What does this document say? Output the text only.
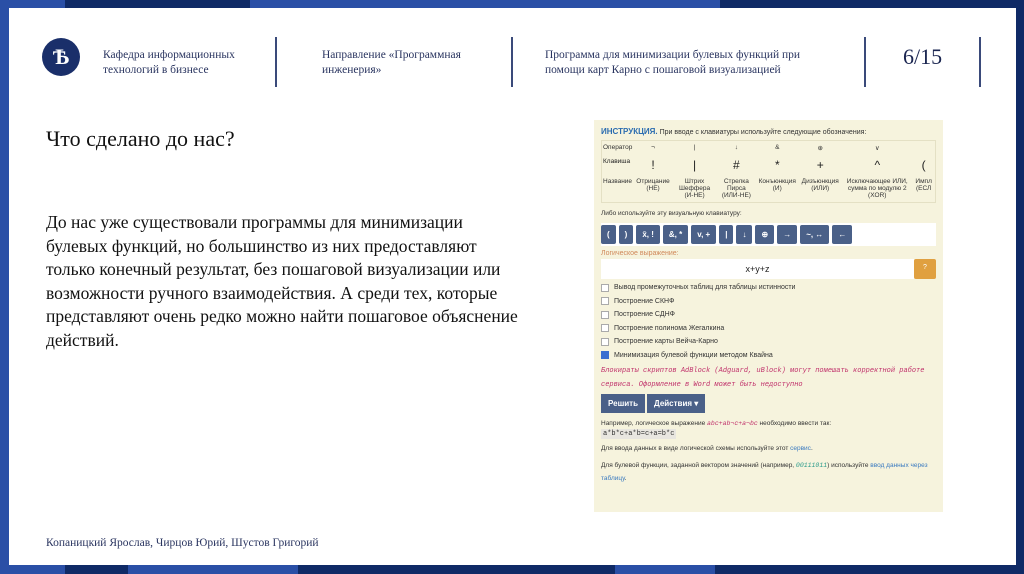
Ѣ	Кафедра информационных
технологий в бизнесе
Направление «Программная
инженерия»
Программа для минимизации булевых функций при
помощи карт Карно с пошаговой визуализацией
6/15
Что сделано до нас?
До нас уже существовали программы для минимизации булевых функций, но большинство из них предоставляют только конечный результат, без пошаговой визуализации или возможности ручного взаимодействия. А среди тех, которые представляют очень редко можно найти пошаговое объяснение действий.
Копаницкий Ярослав, Чирцов Юрий, Шустов Григорий
ИНСТРУКЦИЯ. При вводе с клавиатуры используйте следующие обозначения:
Оператор	¬	|	↓	&	⊕	∨	
Клавиша	!	|	#	*	+	^	(
Название	Отрицание (НЕ)	Штрих Шеффера (И-НЕ)	Стрелка Пирса (ИЛИ-НЕ)	Конъюнкция (И)	Дизъюнкция (ИЛИ)	Исключающее ИЛИ, сумма по модулю 2 (XOR)	Импл (ЕСЛ
Либо используйте эту визуальную клавиатуру:
(	)	x̄, !	&, *	v, +	|	↓	⊕	→	~, ↔	←
Логическое выражение:
x+y+z	?
Вывод промежуточных таблиц для таблицы истинности
Построение СКНФ
Построение СДНФ
Построение полинома Жегалкина
Построение карты Вейча-Карно
Минимизация булевой функции методом Квайна
Блокираты скриптов AdBlock (Adguard, uBlock) могут помешать корректной работе сервиса. Оформление в Word может быть недоступно
Решить	Действия ▾
Например, логическое выражение abc+ab¬c+a¬bc необходимо ввести так:
a*b*c+a*b=c+a=b*c
Для ввода данных в виде логической схемы используйте этот сервис.
Для булевой функции, заданной вектором значений (например, 00111011) используйте ввод данных через таблицу.
